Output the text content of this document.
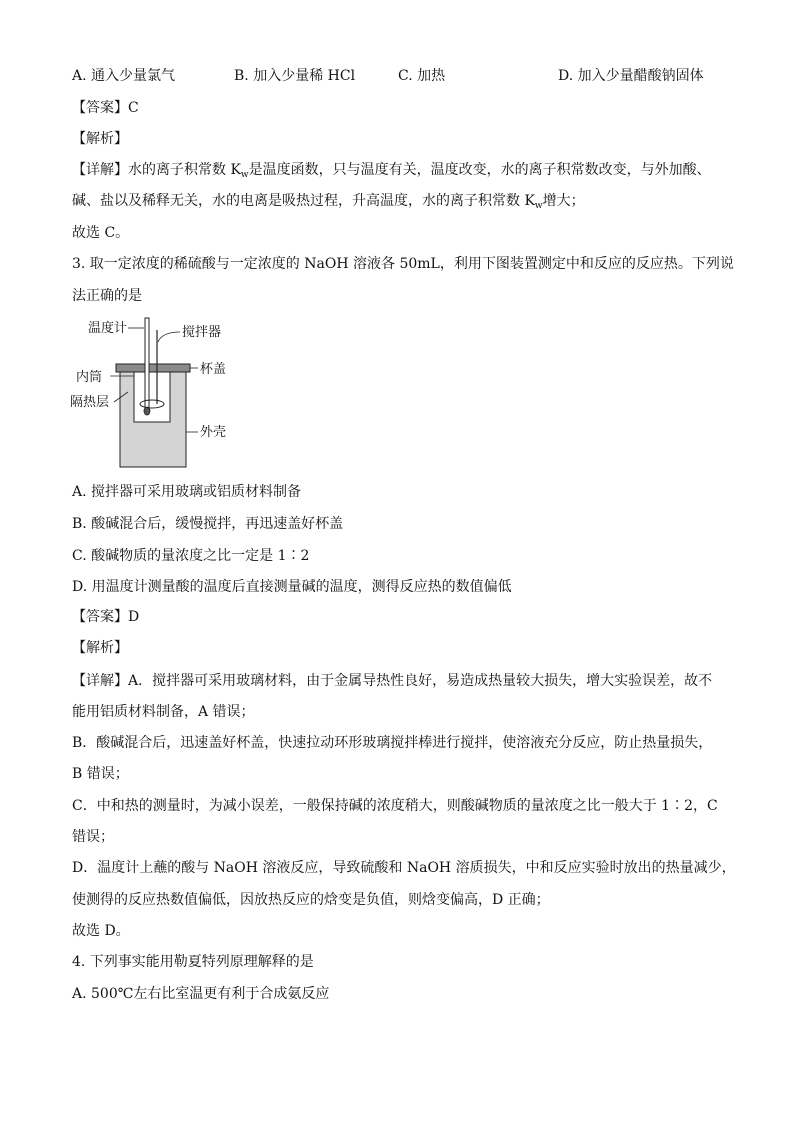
A. 通入少量氯气	B. 加入少量稀 HCl	C. 加热	D. 加入少量醋酸钠固体
【答案】C
【解析】
【详解】水的离子积常数 $K_w$是温度函数，只与温度有关，温度改变，水的离子积常数改变，与外加酸、
碱、盐以及稀释无关，水的电离是吸热过程，升高温度，水的离子积常数 $K_w$增大；
故选 C。
3. 取一定浓度的稀硫酸与一定浓度的 NaOH 溶液各 50mL，利用下图装置测定中和反应的反应热。下列说
法正确的是
温度计	搅拌器
杯盖
内筒
隔热层
外壳
A. 搅拌器可采用玻璃或铝质材料制备
B. 酸碱混合后，缓慢搅拌，再迅速盖好杯盖
C. 酸碱物质的量浓度之比一定是 1∶2
D. 用温度计测量酸的温度后直接测量碱的温度，测得反应热的数值偏低
【答案】D
【解析】
【详解】A．搅拌器可采用玻璃材料，由于金属导热性良好，易造成热量较大损失，增大实验误差，故不
能用铝质材料制备，A 错误；
B．酸碱混合后，迅速盖好杯盖，快速拉动环形玻璃搅拌棒进行搅拌，使溶液充分反应，防止热量损失，
B 错误；
C．中和热的测量时，为减小误差，一般保持碱的浓度稍大，则酸碱物质的量浓度之比一般大于 1∶2，C
错误；
D．温度计上蘸的酸与 NaOH 溶液反应，导致硫酸和 NaOH 溶质损失，中和反应实验时放出的热量减少，
使测得的反应热数值偏低，因放热反应的焓变是负值，则焓变偏高，D 正确；
故选 D。
4. 下列事实能用勒夏特列原理解释的是
A. 500℃左右比室温更有利于合成氨反应
